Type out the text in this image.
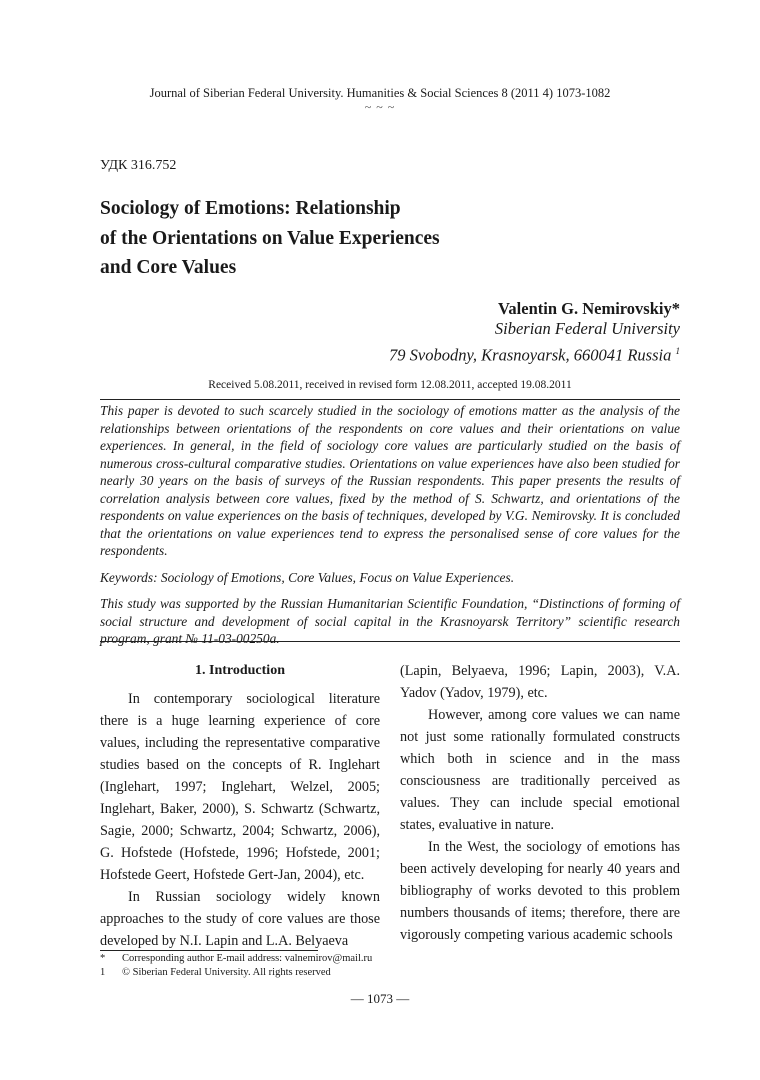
Journal of Siberian Federal University. Humanities & Social Sciences 8 (2011 4) 1073-1082
~ ~ ~
УДК 316.752
Sociology of Emotions: Relationship
of the Orientations on Value Experiences
and Core Values
Valentin G. Nemirovskiy*
Siberian Federal University
79 Svobodny, Krasnoyarsk, 660041 Russia $^1$
Received 5.08.2011, received in revised form 12.08.2011, accepted 19.08.2011

This paper is devoted to such scarcely studied in the sociology of emotions matter as the analysis of the relationships between orientations of the respondents on core values and their orientations on value experiences. In general, in the field of sociology core values are particularly studied on the basis of numerous cross-cultural comparative studies. Orientations on value experiences have also been studied for nearly 30 years on the basis of surveys of the Russian respondents. This paper presents the results of correlation analysis between core values, fixed by the method of S. Schwartz, and orientations of the respondents on value experiences on the basis of techniques, developed by V.G. Nemirovsky. It is concluded that the orientations on value experiences tend to express the personalised sense of core values for the respondents.

Keywords: Sociology of Emotions, Core Values, Focus on Value Experiences.

This study was supported by the Russian Humanitarian Scientific Foundation, “Distinctions of forming of social structure and development of social capital in the Krasnoyarsk Territory” scientific research program, grant № 11-03-00250a.

1. Introduction

In contemporary sociological literature there is a huge learning experience of core values, including the representative comparative studies based on the concepts of R. Inglehart (Inglehart, 1997; Inglehart, Welzel, 2005; Inglehart, Baker, 2000), S. Schwartz (Schwartz, Sagie, 2000; Schwartz, 2004; Schwartz, 2006), G. Hofstede (Hofstede, 1996; Hofstede, 2001; Hofstede Geert, Hofstede Gert-Jan, 2004), etc.

In Russian sociology widely known approaches to the study of core values are those developed by N.I. Lapin and L.A. Belyaeva

(Lapin, Belyaeva, 1996; Lapin, 2003), V.A. Yadov (Yadov, 1979), etc.

However, among core values we can name not just some rationally formulated constructs which both in science and in the mass consciousness are traditionally perceived as values. They can include special emotional states, evaluative in nature.

In the West, the sociology of emotions has been actively developing for nearly 40 years and bibliography of works devoted to this problem numbers thousands of items; therefore, there are vigorously competing various academic schools

* Corresponding author E-mail address: valnemirov@mail.ru
1 © Siberian Federal University. All rights reserved
— 1073 —
